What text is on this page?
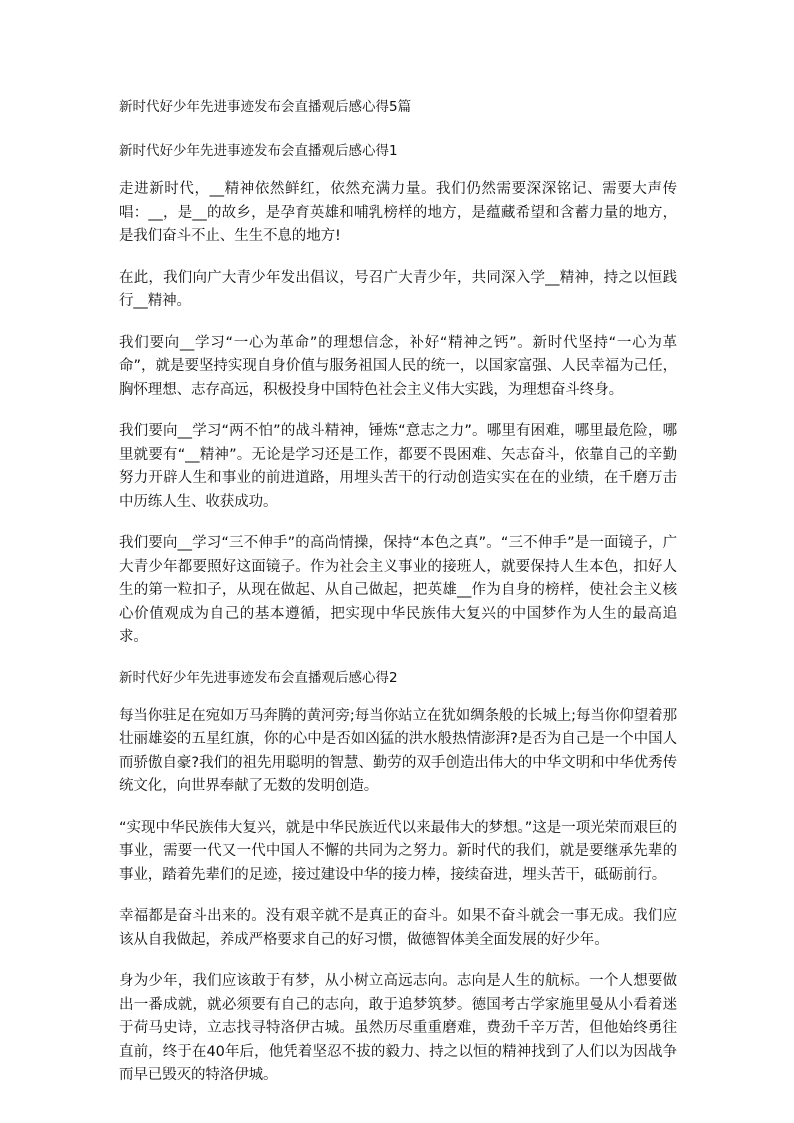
新时代好少年先进事迹发布会直播观后感心得5篇
新时代好少年先进事迹发布会直播观后感心得1

走进新时代，__精神依然鲜红，依然充满力量。我们仍然需要深深铭记、需要大声传唱：__，是__的故乡，是孕育英雄和哺乳榜样的地方，是蕴藏希望和含蓄力量的地方，是我们奋斗不止、生生不息的地方!

在此，我们向广大青少年发出倡议，号召广大青少年，共同深入学__精神，持之以恒践行__精神。

我们要向__学习“一心为革命”的理想信念，补好“精神之钙”。新时代坚持“一心为革命”，就是要坚持实现自身价值与服务祖国人民的统一，以国家富强、人民幸福为己任，胸怀理想、志存高远，积极投身中国特色社会主义伟大实践，为理想奋斗终身。

我们要向__学习“两不怕”的战斗精神，锤炼“意志之力”。哪里有困难，哪里最危险，哪里就要有“__精神”。无论是学习还是工作，都要不畏困难、矢志奋斗，依靠自己的辛勤努力开辟人生和事业的前进道路，用埋头苦干的行动创造实实在在的业绩，在千磨万击中历练人生、收获成功。

我们要向__学习“三不伸手”的高尚情操，保持“本色之真”。“三不伸手”是一面镜子，广大青少年都要照好这面镜子。作为社会主义事业的接班人，就要保持人生本色，扣好人生的第一粒扣子，从现在做起、从自己做起，把英雄__作为自身的榜样，使社会主义核心价值观成为自己的基本遵循，把实现中华民族伟大复兴的中国梦作为人生的最高追求。

新时代好少年先进事迹发布会直播观后感心得2

每当你驻足在宛如万马奔腾的黄河旁;每当你站立在犹如绸条般的长城上;每当你仰望着那壮丽雄姿的五星红旗，你的心中是否如凶猛的洪水般热情澎湃?是否为自己是一个中国人而骄傲自豪?我们的祖先用聪明的智慧、勤劳的双手创造出伟大的中华文明和中华优秀传统文化，向世界奉献了无数的发明创造。

“实现中华民族伟大复兴，就是中华民族近代以来最伟大的梦想。”这是一项光荣而艰巨的事业，需要一代又一代中国人不懈的共同为之努力。新时代的我们，就是要继承先辈的事业，踏着先辈们的足迹，接过建设中华的接力棒，接续奋进，埋头苦干，砥砺前行。

幸福都是奋斗出来的。没有艰辛就不是真正的奋斗。如果不奋斗就会一事无成。我们应该从自我做起，养成严格要求自己的好习惯，做德智体美全面发展的好少年。

身为少年，我们应该敢于有梦，从小树立高远志向。志向是人生的航标。一个人想要做出一番成就，就必须要有自己的志向，敢于追梦筑梦。德国考古学家施里曼从小看着迷于荷马史诗，立志找寻特洛伊古城。虽然历尽重重磨难，费劲千辛万苦，但他始终勇往直前，终于在40年后，他凭着坚忍不拔的毅力、持之以恒的精神找到了人们以为因战争而早已毁灭的特洛伊城。
